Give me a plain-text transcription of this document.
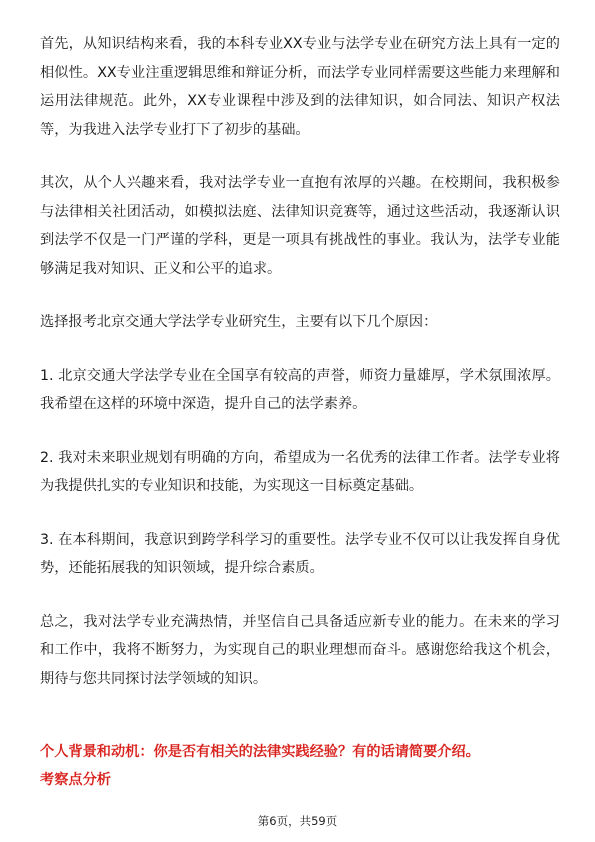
首先，从知识结构来看，我的本科专业XX专业与法学专业在研究方法上具有一定的相似性。XX专业注重逻辑思维和辩证分析，而法学专业同样需要这些能力来理解和运用法律规范。此外，XX专业课程中涉及到的法律知识，如合同法、知识产权法等，为我进入法学专业打下了初步的基础。

其次，从个人兴趣来看，我对法学专业一直抱有浓厚的兴趣。在校期间，我积极参与法律相关社团活动，如模拟法庭、法律知识竞赛等，通过这些活动，我逐渐认识到法学不仅是一门严谨的学科，更是一项具有挑战性的事业。我认为，法学专业能够满足我对知识、正义和公平的追求。

选择报考北京交通大学法学专业研究生，主要有以下几个原因：

1. 北京交通大学法学专业在全国享有较高的声誉，师资力量雄厚，学术氛围浓厚。我希望在这样的环境中深造，提升自己的法学素养。

2. 我对未来职业规划有明确的方向，希望成为一名优秀的法律工作者。法学专业将为我提供扎实的专业知识和技能，为实现这一目标奠定基础。

3. 在本科期间，我意识到跨学科学习的重要性。法学专业不仅可以让我发挥自身优势，还能拓展我的知识领域，提升综合素质。

总之，我对法学专业充满热情，并坚信自己具备适应新专业的能力。在未来的学习和工作中，我将不断努力，为实现自己的职业理想而奋斗。感谢您给我这个机会，期待与您共同探讨法学领域的知识。

个人背景和动机：你是否有相关的法律实践经验？有的话请简要介绍。

考察点分析

第6页，共59页
